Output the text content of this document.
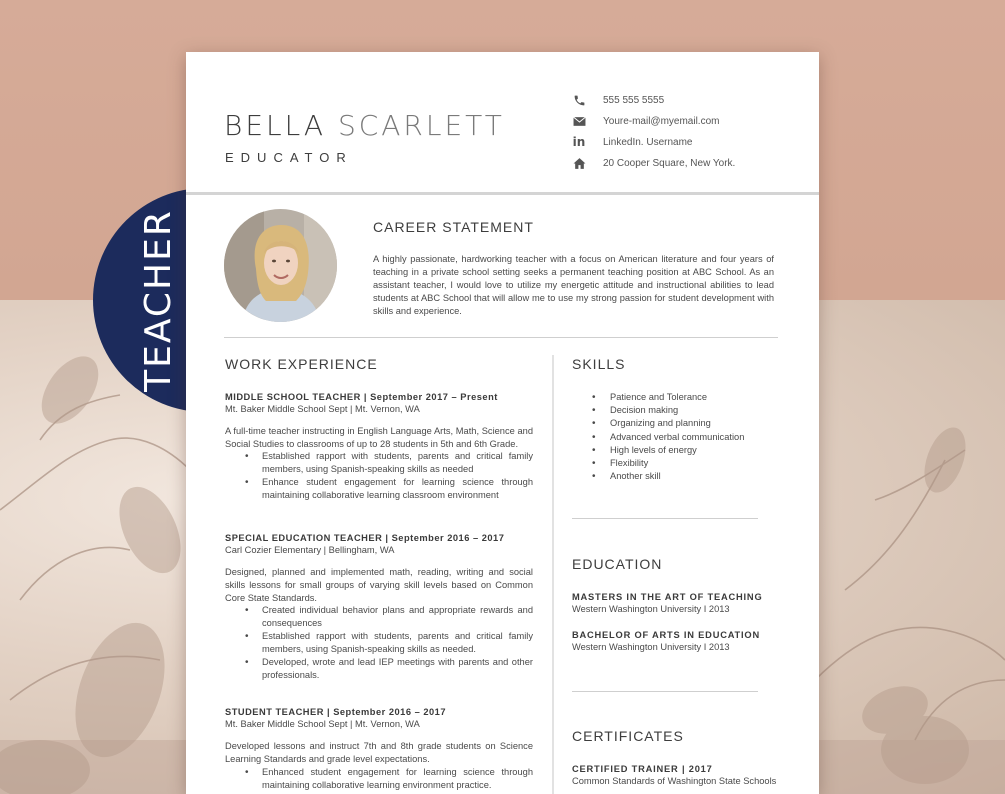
TEACHER
BELLA SCARLETT
EDUCATOR
555 555 5555
Youre-mail@myemail.com
in LinkedIn. Username
20 Cooper Square, New York.
CAREER STATEMENT
A highly passionate, hardworking teacher with a focus on American literature and four years of teaching in a private school setting seeks a permanent teaching position at ABC School. As an assistant teacher, I would love to utilize my energetic attitude and instructional abilities to lead students at ABC School that will allow me to use my strong passion for student development with skills and experience.
WORK EXPERIENCE
MIDDLE SCHOOL TEACHER | September 2017 – Present
Mt. Baker Middle School Sept | Mt. Vernon, WA
A full-time teacher instructing in English Language Arts, Math, Science and Social Studies to classrooms of up to 28 students in 5th and 6th Grade.
• Established rapport with students, parents and critical family members, using Spanish-speaking skills as needed
• Enhance student engagement for learning science through maintaining collaborative learning classroom environment
SPECIAL EDUCATION TEACHER | September 2016 – 2017
Carl Cozier Elementary | Bellingham, WA
Designed, planned and implemented math, reading, writing and social skills lessons for small groups of varying skill levels based on Common Core State Standards.
• Created individual behavior plans and appropriate rewards and consequences
• Established rapport with students, parents and critical family members, using Spanish-speaking skills as needed.
• Developed, wrote and lead IEP meetings with parents and other professionals.
STUDENT TEACHER | September 2016 – 2017
Mt. Baker Middle School Sept | Mt. Vernon, WA
Developed lessons and instruct 7th and 8th grade students on Science Learning Standards and grade level expectations.
• Enhanced student engagement for learning science through maintaining collaborative learning environment practice.
SKILLS
• Patience and Tolerance
• Decision making
• Organizing and planning
• Advanced verbal communication
• High levels of energy
• Flexibility
• Another skill
EDUCATION
MASTERS IN THE ART OF TEACHING
Western Washington University I 2013
BACHELOR OF ARTS IN EDUCATION
Western Washington University I 2013
CERTIFICATES
CERTIFIED TRAINER | 2017
Common Standards of Washington State Schools
